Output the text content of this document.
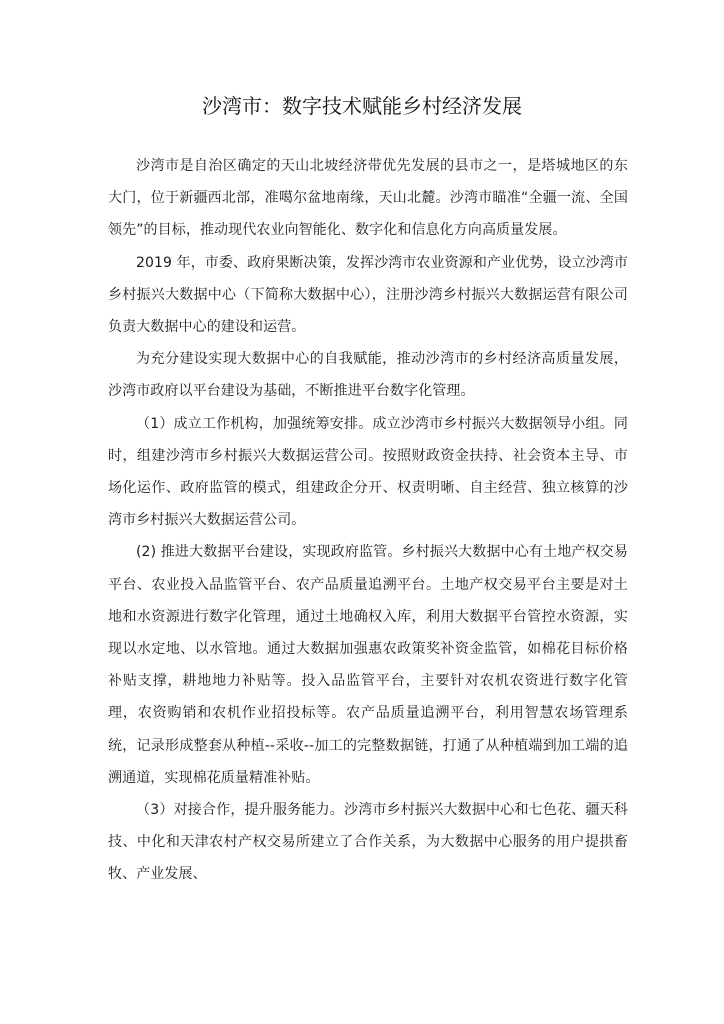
沙湾市：数字技术赋能乡村经济发展

沙湾市是自治区确定的天山北坡经济带优先发展的县市之一，是塔城地区的东大门，位于新疆西北部，准噶尔盆地南缘，天山北麓。沙湾市瞄准“全疆一流、全国领先”的目标，推动现代农业向智能化、数字化和信息化方向高质量发展。

2019 年，市委、政府果断决策，发挥沙湾市农业资源和产业优势，设立沙湾市乡村振兴大数据中心（下简称大数据中心），注册沙湾乡村振兴大数据运营有限公司负责大数据中心的建设和运营。

为充分建设实现大数据中心的自我赋能，推动沙湾市的乡村经济高质量发展，沙湾市政府以平台建设为基础，不断推进平台数字化管理。

（1）成立工作机构，加强统筹安排。成立沙湾市乡村振兴大数据领导小组。同时，组建沙湾市乡村振兴大数据运营公司。按照财政资金扶持、社会资本主导、市场化运作、政府监管的模式，组建政企分开、权责明晰、自主经营、独立核算的沙湾市乡村振兴大数据运营公司。

(2) 推进大数据平台建设，实现政府监管。乡村振兴大数据中心有土地产权交易平台、农业投入品监管平台、农产品质量追溯平台。土地产权交易平台主要是对土地和水资源进行数字化管理，通过土地确权入库，利用大数据平台管控水资源，实现以水定地、以水管地。通过大数据加强惠农政策奖补资金监管，如棉花目标价格补贴支撑，耕地地力补贴等。投入品监管平台，主要针对农机农资进行数字化管理，农资购销和农机作业招投标等。农产品质量追溯平台，利用智慧农场管理系统，记录形成整套从种植--采收--加工的完整数据链，打通了从种植端到加工端的追溯通道，实现棉花质量精准补贴。

（3）对接合作，提升服务能力。沙湾市乡村振兴大数据中心和七色花、疆天科技、中化和天津农村产权交易所建立了合作关系，为大数据中心服务的用户提拱畜牧、产业发展、
